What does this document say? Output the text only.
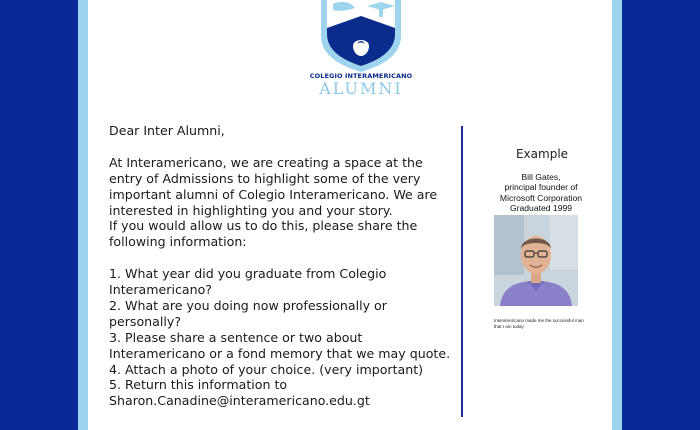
COLEGIO INTERAMERICANO
ALUMNI

Dear Inter Alumni,

At Interamericano, we are creating a space at the

entry of Admissions to highlight some of the very

important alumni of Colegio Interamericano. We are

interested in highlighting you and your story.

If you would allow us to do this, please share the

following information:

1. What year did you graduate from Colegio

Interamericano?

2. What are you doing now professionally or

personally?

3. Please share a sentence or two about

Interamericano or a fond memory that we may quote.

4. Attach a photo of your choice. (very important)

5. Return this information to

Sharon.Canadine@interamericano.edu.gt

Example
Bill Gates,
principal founder of
Microsoft Corporation
Graduated 1999
Interamericano made me the successful man that I am today
